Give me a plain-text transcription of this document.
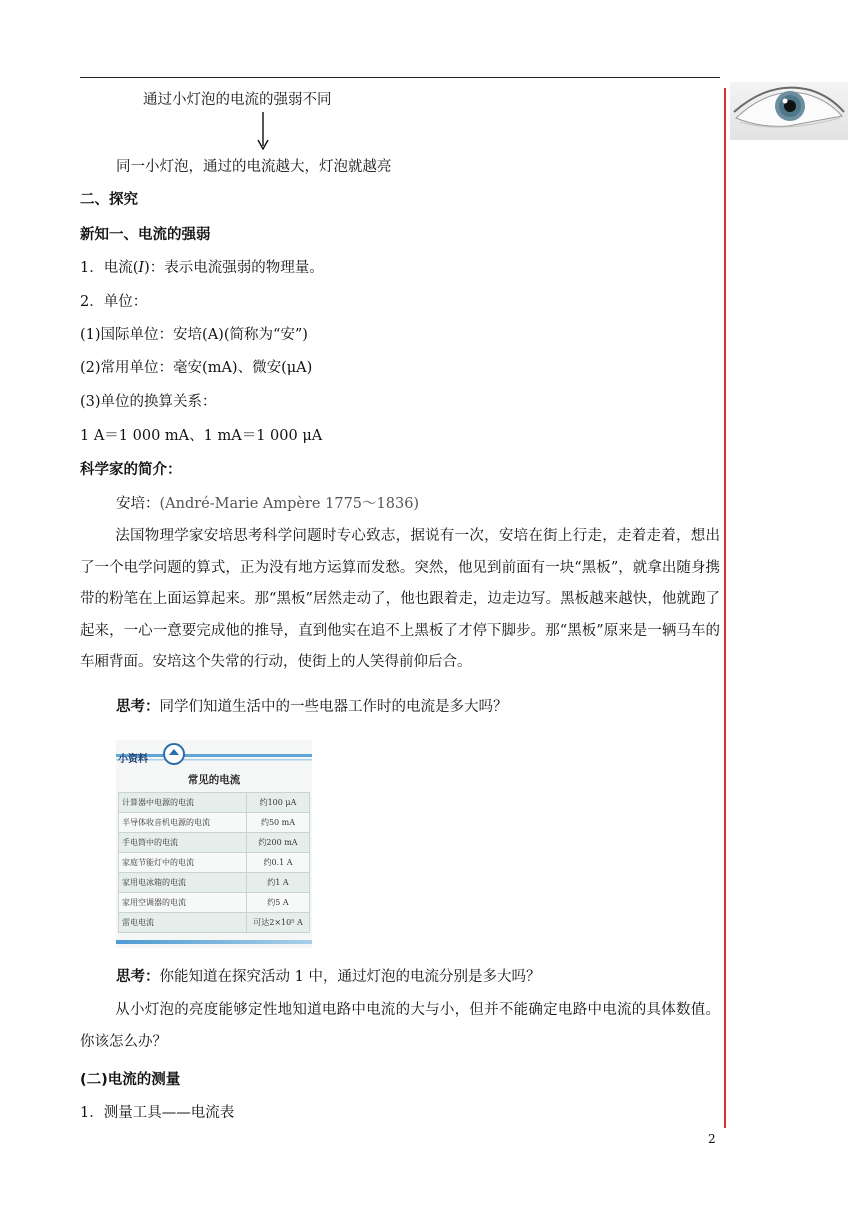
通过小灯泡的电流的强弱不同
同一小灯泡，通过的电流越大，灯泡就越亮
二、探究
新知一、电流的强弱
1．电流(I)：表示电流强弱的物理量。
2．单位：
(1)国际单位：安培(A)(简称为“安”)
(2)常用单位：毫安(mA)、微安(μA)
(3)单位的换算关系：
1 A＝1 000 mA、1 mA＝1 000 μA
科学家的简介：
安培：(André-Marie Ampère 1775～1836)
法国物理学家安培思考科学问题时专心致志，据说有一次，安培在街上行走，走着走着，想出了一个电学问题的算式，正为没有地方运算而发愁。突然，他见到前面有一块“黑板”，就拿出随身携带的粉笔在上面运算起来。那“黑板”居然走动了，他也跟着走，边走边写。黑板越来越快，他就跑了起来，一心一意要完成他的推导，直到他实在追不上黑板了才停下脚步。那“黑板”原来是一辆马车的车厢背面。安培这个失常的行动，使街上的人笑得前仰后合。
思考：同学们知道生活中的一些电器工作时的电流是多大吗？
小资料
常见的电流
计算器中电源的电流	约100 μA
半导体收音机电源的电流	约50 mA
手电筒中的电流	约200 mA
家庭节能灯中的电流	约0.1 A
家用电冰箱的电流	约1 A
家用空调器的电流	约5 A
雷电电流	可达2×10⁵ A
思考：你能知道在探究活动 1 中，通过灯泡的电流分别是多大吗？
从小灯泡的亮度能够定性地知道电路中电流的大与小，但并不能确定电路中电流的具体数值。你该怎么办？
(二)电流的测量
1．测量工具——电流表
2
